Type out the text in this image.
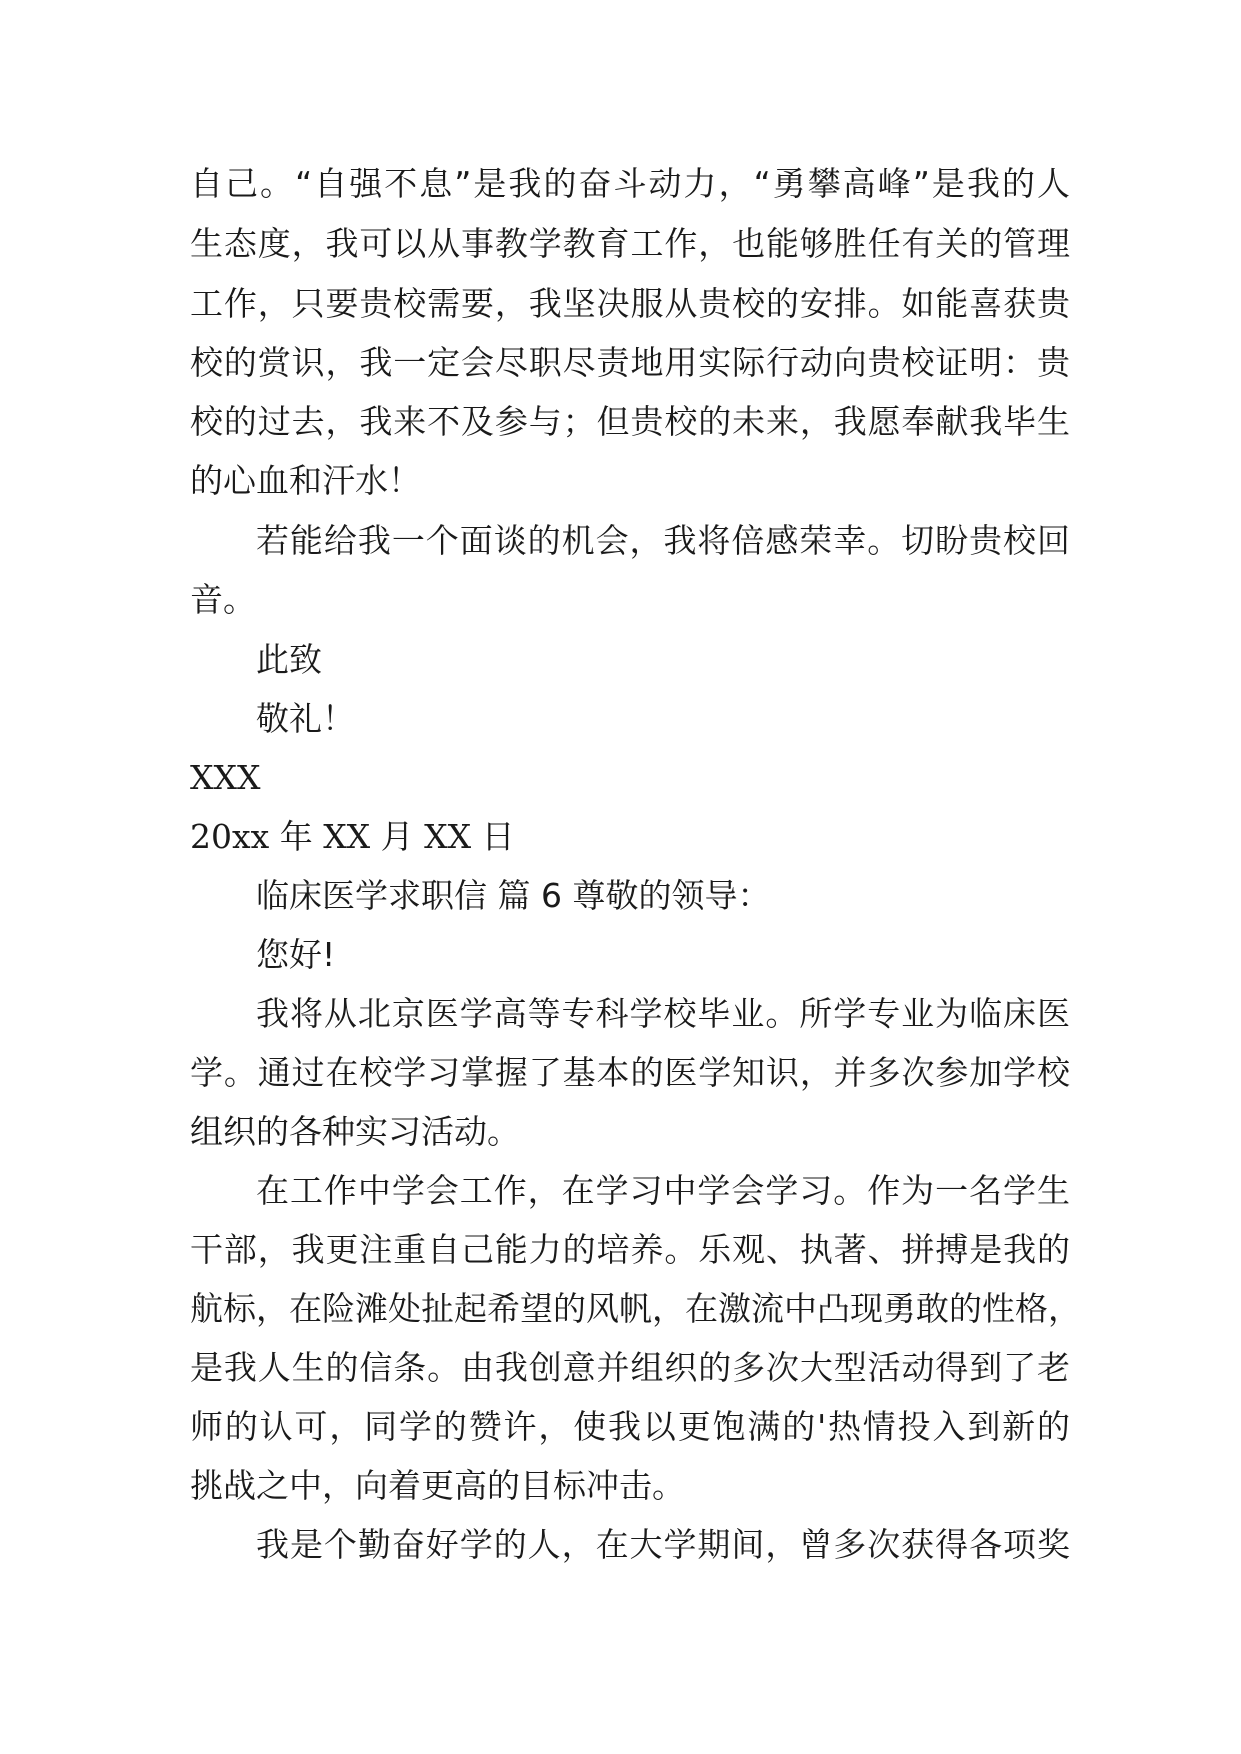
自己。“自强不息”是我的奋斗动力，“勇攀高峰”是我的人
生态度，我可以从事教学教育工作，也能够胜任有关的管理
工作，只要贵校需要，我坚决服从贵校的安排。如能喜获贵
校的赏识，我一定会尽职尽责地用实际行动向贵校证明：贵
校的过去，我来不及参与；但贵校的未来，我愿奉献我毕生
的心血和汗水！
若能给我一个面谈的机会，我将倍感荣幸。切盼贵校回
音。
此致
敬礼！
XXX
20xx 年 XX 月 XX 日
临床医学求职信 篇 6 尊敬的领导：
您好!
我将从北京医学高等专科学校毕业。所学专业为临床医
学。通过在校学习掌握了基本的医学知识，并多次参加学校
组织的各种实习活动。
在工作中学会工作，在学习中学会学习。作为一名学生
干部，我更注重自己能力的培养。乐观、执著、拼搏是我的
航标，在险滩处扯起希望的风帆，在激流中凸现勇敢的性格，
是我人生的信条。由我创意并组织的多次大型活动得到了老
师的认可，同学的赞许，使我以更饱满的'热情投入到新的
挑战之中，向着更高的目标冲击。
我是个勤奋好学的人，在大学期间，曾多次获得各项奖
